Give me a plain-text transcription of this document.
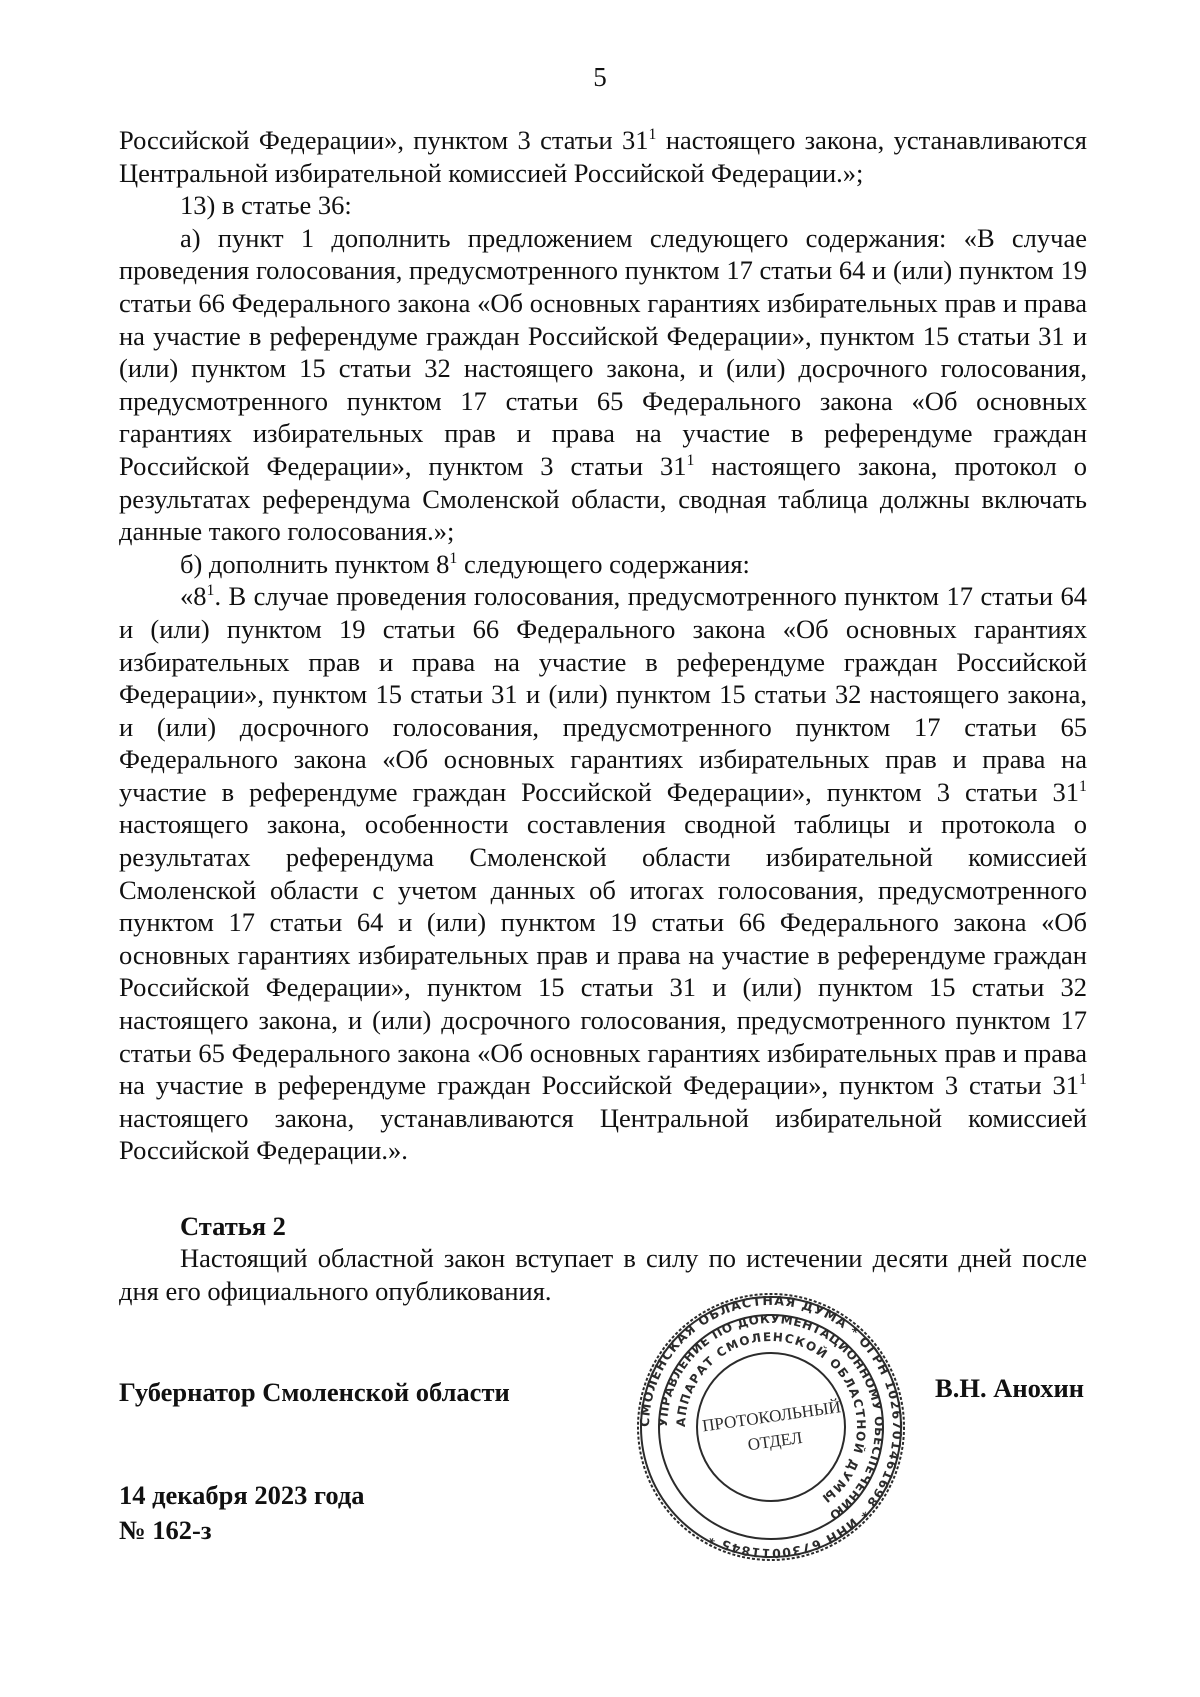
5

Российской Федерации», пунктом 3 статьи $31^1$ настоящего закона, устанавливаются Центральной избирательной комиссией Российской Федерации.»;

13) в статье 36:

а) пункт 1 дополнить предложением следующего содержания: «В случае проведения голосования, предусмотренного пунктом 17 статьи 64 и (или) пунктом 19 статьи 66 Федерального закона «Об основных гарантиях избирательных прав и права на участие в референдуме граждан Российской Федерации», пунктом 15 статьи 31 и (или) пунктом 15 статьи 32 настоящего закона, и (или) досрочного голосования, предусмотренного пунктом 17 статьи 65 Федерального закона «Об основных гарантиях избирательных прав и права на участие в референдуме граждан Российской Федерации», пунктом 3 статьи $31^1$ настоящего закона, протокол о результатах референдума Смоленской области, сводная таблица должны включать данные такого голосования.»;

б) дополнить пунктом $8^1$ следующего содержания:

«$8^1$. В случае проведения голосования, предусмотренного пунктом 17 статьи 64 и (или) пунктом 19 статьи 66 Федерального закона «Об основных гарантиях избирательных прав и права на участие в референдуме граждан Российской Федерации», пунктом 15 статьи 31 и (или) пунктом 15 статьи 32 настоящего закона, и (или) досрочного голосования, предусмотренного пунктом 17 статьи 65 Федерального закона «Об основных гарантиях избирательных прав и права на участие в референдуме граждан Российской Федерации», пунктом 3 статьи $31^1$ настоящего закона, особенности составления сводной таблицы и протокола о результатах референдума Смоленской области избирательной комиссией Смоленской области с учетом данных об итогах голосования, предусмотренного пунктом 17 статьи 64 и (или) пунктом 19 статьи 66 Федерального закона «Об основных гарантиях избирательных прав и права на участие в референдуме граждан Российской Федерации», пунктом 15 статьи 31 и (или) пунктом 15 статьи 32 настоящего закона, и (или) досрочного голосования, предусмотренного пунктом 17 статьи 65 Федерального закона «Об основных гарантиях избирательных прав и права на участие в референдуме граждан Российской Федерации», пунктом 3 статьи $31^1$ настоящего закона, устанавливаются Центральной избирательной комиссией Российской Федерации.».

Статья 2
Настоящий областной закон вступает в силу по истечении десяти дней после дня его официального опубликования.
Губернатор Смоленской области	В.Н. Анохин
14 декабря 2023 года
№ 162-з
СМОЛЕНСКАЯ ОБЛАСТНАЯ ДУМА * ОГРН 1026701461698 * ИНН 6730011845 *
УПРАВЛЕНИЕ ПО ДОКУМЕНТАЦИОННОМУ ОБЕСПЕЧЕНИЮ
АППАРАТ СМОЛЕНСКОЙ ОБЛАСТНОЙ ДУМЫ
ПРОТОКОЛЬНЫЙ
ОТДЕЛ
